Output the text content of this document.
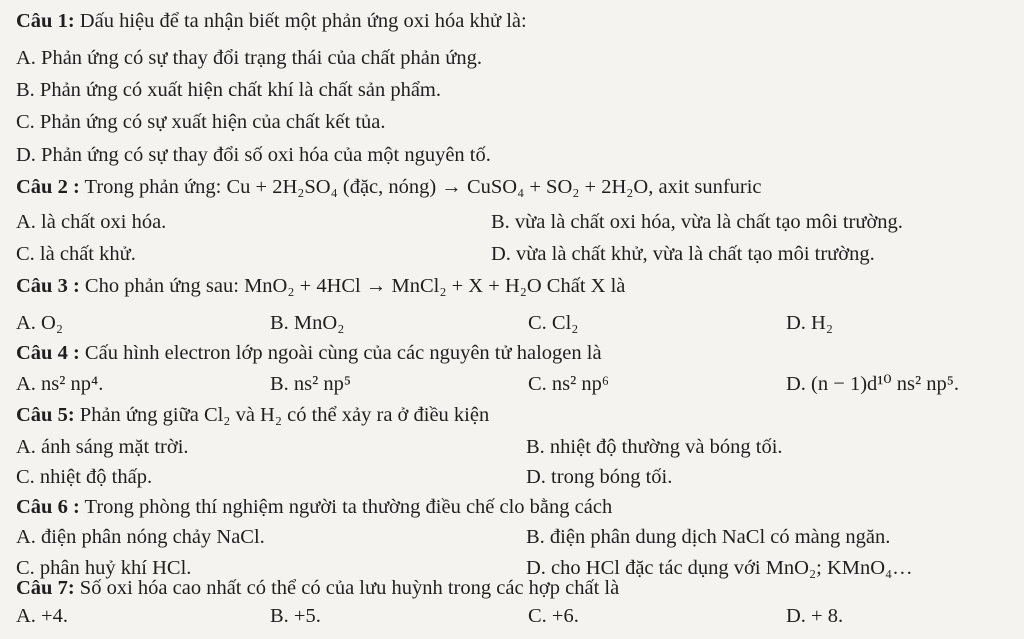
Câu 1: Dấu hiệu để ta nhận biết một phản ứng oxi hóa khử là:
A. Phản ứng có sự thay đổi trạng thái của chất phản ứng.
B. Phản ứng có xuất hiện chất khí là chất sản phẩm.
C. Phản ứng có sự xuất hiện của chất kết tủa.
D. Phản ứng có sự thay đổi số oxi hóa của một nguyên tố.
Câu 2 : Trong phản ứng: Cu + 2H₂SO₄ (đặc, nóng) → CuSO₄ + SO₂ + 2H₂O, axit sunfuric
A. là chất oxi hóa.	B. vừa là chất oxi hóa, vừa là chất tạo môi trường.
C. là chất khử.	D. vừa là chất khử, vừa là chất tạo môi trường.
Câu 3 : Cho phản ứng sau: MnO₂ + 4HCl → MnCl₂ + X + H₂O Chất X là
A. O₂	B. MnO₂	C. Cl₂	D. H₂
Câu 4 : Cấu hình electron lớp ngoài cùng của các nguyên tử halogen là
A. ns² np⁴.	B. ns² np⁵	C. ns² np⁶	D. (n − 1)d¹⁰ ns² np⁵.
Câu 5: Phản ứng giữa Cl₂ và H₂ có thể xảy ra ở điều kiện
A. ánh sáng mặt trời.	B. nhiệt độ thường và bóng tối.
C. nhiệt độ thấp.	D. trong bóng tối.
Câu 6 : Trong phòng thí nghiệm người ta thường điều chế clo bằng cách
A. điện phân nóng chảy NaCl.	B. điện phân dung dịch NaCl có màng ngăn.
C. phân huỷ khí HCl.	D. cho HCl đặc tác dụng với MnO₂; KMnO₄…
Câu 7: Số oxi hóa cao nhất có thể có của lưu huỳnh trong các hợp chất là
A. +4.	B. +5.	C. +6.	D. + 8.
